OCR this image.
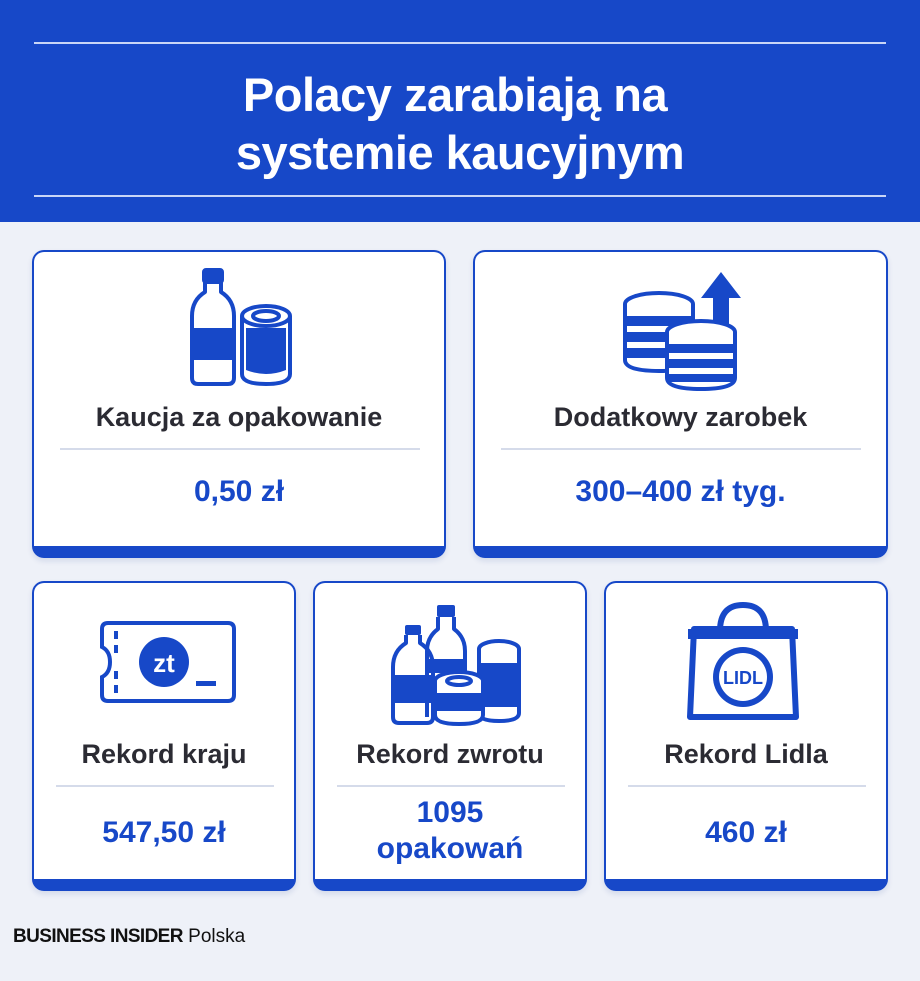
Polacy zarabiają na
systemie kaucyjnym
Kaucja za opakowanie
0,50 zł
Dodatkowy zarobek
300–400 zł tyg.
zt
Rekord kraju
547,50 zł
Rekord zwrotu
1095
opakowań
LIDL
Rekord Lidla
460 zł
BUSINESS INSIDER Polska
